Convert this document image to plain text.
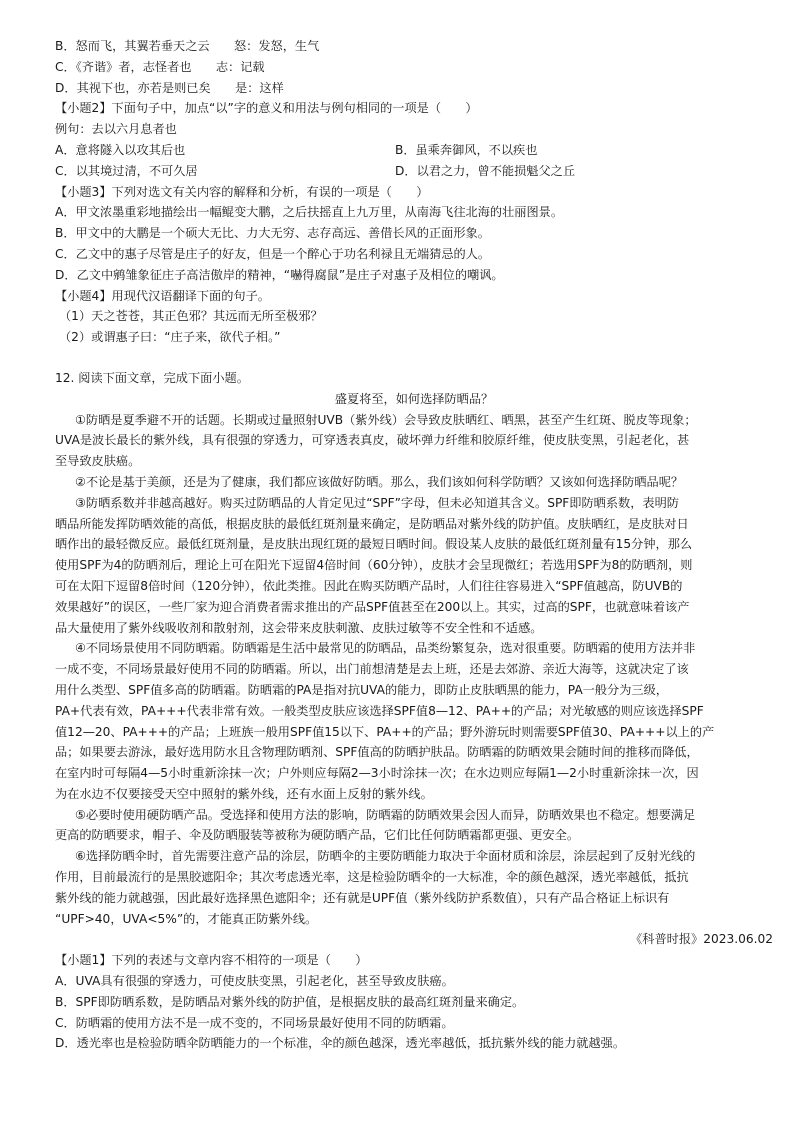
B．怒而飞，其翼若垂天之云　　怒：发怒，生气
C．《齐谐》者，志怪者也　　志：记载
D．其视下也，亦若是则已矣　　是：这样
【小题2】下面句子中，加点“以”字的意义和用法与例句相同的一项是（　　）
例句：去以六月息者也
A．意将隧入以攻其后也	B．虽乘奔御风，不以疾也
C．以其境过清，不可久居	D．以君之力，曾不能损魁父之丘
【小题3】下列对选文有关内容的解释和分析，有误的一项是（　　）
A．甲文浓墨重彩地描绘出一幅鲲变大鹏，之后扶摇直上九万里，从南海飞往北海的壮丽图景。
B．甲文中的大鹏是一个硕大无比、力大无穷、志存高远、善借长风的正面形象。
C．乙文中的惠子尽管是庄子的好友，但是一个醉心于功名利禄且无端猜忌的人。
D．乙文中鹓雏象征庄子高洁傲岸的精神，“嚇得腐鼠”是庄子对惠子及相位的嘲讽。
【小题4】用现代汉语翻译下面的句子。
（1）天之苍苍，其正色邪？其远而无所至极邪？
（2）或谓惠子曰：“庄子来，欲代子相。”
12. 阅读下面文章，完成下面小题。
盛夏将至，如何选择防晒品？
①防晒是夏季避不开的话题。长期或过量照射UVB（紫外线）会导致皮肤晒红、晒黑，甚至产生红斑、脱皮等现象；
UVA是波长最长的紫外线，具有很强的穿透力，可穿透表真皮，破坏弹力纤维和胶原纤维，使皮肤变黑，引起老化，甚
至导致皮肤癌。
②不论是基于美颜，还是为了健康，我们都应该做好防晒。那么，我们该如何科学防晒？又该如何选择防晒品呢？
③防晒系数并非越高越好。购买过防晒品的人肯定见过“SPF”字母，但未必知道其含义。SPF即防晒系数，表明防
晒品所能发挥防晒效能的高低，根据皮肤的最低红斑剂量来确定，是防晒品对紫外线的防护值。皮肤晒红，是皮肤对日
晒作出的最轻微反应。最低红斑剂量，是皮肤出现红斑的最短日晒时间。假设某人皮肤的最低红斑剂量有15分钟，那么
使用SPF为4的防晒剂后，理论上可在阳光下逗留4倍时间（60分钟），皮肤才会呈现微红；若选用SPF为8的防晒剂，则
可在太阳下逗留8倍时间（120分钟），依此类推。因此在购买防晒产品时，人们往往容易进入“SPF值越高，防UVB的
效果越好”的误区，一些厂家为迎合消费者需求推出的产品SPF值甚至在200以上。其实，过高的SPF，也就意味着该产
品大量使用了紫外线吸收剂和散射剂，这会带来皮肤刺激、皮肤过敏等不安全性和不适感。
④不同场景使用不同防晒霜。防晒霜是生活中最常见的防晒品，品类纷繁复杂，选对很重要。防晒霜的使用方法并非
一成不变，不同场景最好使用不同的防晒霜。所以，出门前想清楚是去上班，还是去郊游、亲近大海等，这就决定了该
用什么类型、SPF值多高的防晒霜。防晒霜的PA是指对抗UVA的能力，即防止皮肤晒黑的能力，PA一般分为三级，
PA+代表有效，PA+++代表非常有效。一般类型皮肤应该选择SPF值8—12、PA++的产品；对光敏感的则应该选择SPF
值12—20、PA+++的产品；上班族一般用SPF值15以下、PA++的产品；野外游玩时则需要SPF值30、PA+++以上的产
品；如果要去游泳，最好选用防水且含物理防晒剂、SPF值高的防晒护肤品。防晒霜的防晒效果会随时间的推移而降低，
在室内时可每隔4—5小时重新涂抹一次；户外则应每隔2—3小时涂抹一次；在水边则应每隔1—2小时重新涂抹一次，因
为在水边不仅要接受天空中照射的紫外线，还有水面上反射的紫外线。
⑤必要时使用硬防晒产品。受选择和使用方法的影响，防晒霜的防晒效果会因人而异，防晒效果也不稳定。想要满足
更高的防晒要求，帽子、伞及防晒服装等被称为硬防晒产品，它们比任何防晒霜都更强、更安全。
⑥选择防晒伞时，首先需要注意产品的涂层，防晒伞的主要防晒能力取决于伞面材质和涂层，涂层起到了反射光线的
作用，目前最流行的是黑胶遮阳伞；其次考虑透光率，这是检验防晒伞的一大标准，伞的颜色越深，透光率越低，抵抗
紫外线的能力就越强，因此最好选择黑色遮阳伞；还有就是UPF值（紫外线防护系数值），只有产品合格证上标识有
“UPF>40，UVA<5%”的，才能真正防紫外线。
《科普时报》2023.06.02
【小题1】下列的表述与文章内容不相符的一项是（　　）
A．UVA具有很强的穿透力，可使皮肤变黑，引起老化，甚至导致皮肤癌。
B．SPF即防晒系数，是防晒品对紫外线的防护值，是根据皮肤的最高红斑剂量来确定。
C．防晒霜的使用方法不是一成不变的，不同场景最好使用不同的防晒霜。
D．透光率也是检验防晒伞防晒能力的一个标准，伞的颜色越深，透光率越低，抵抗紫外线的能力就越强。
